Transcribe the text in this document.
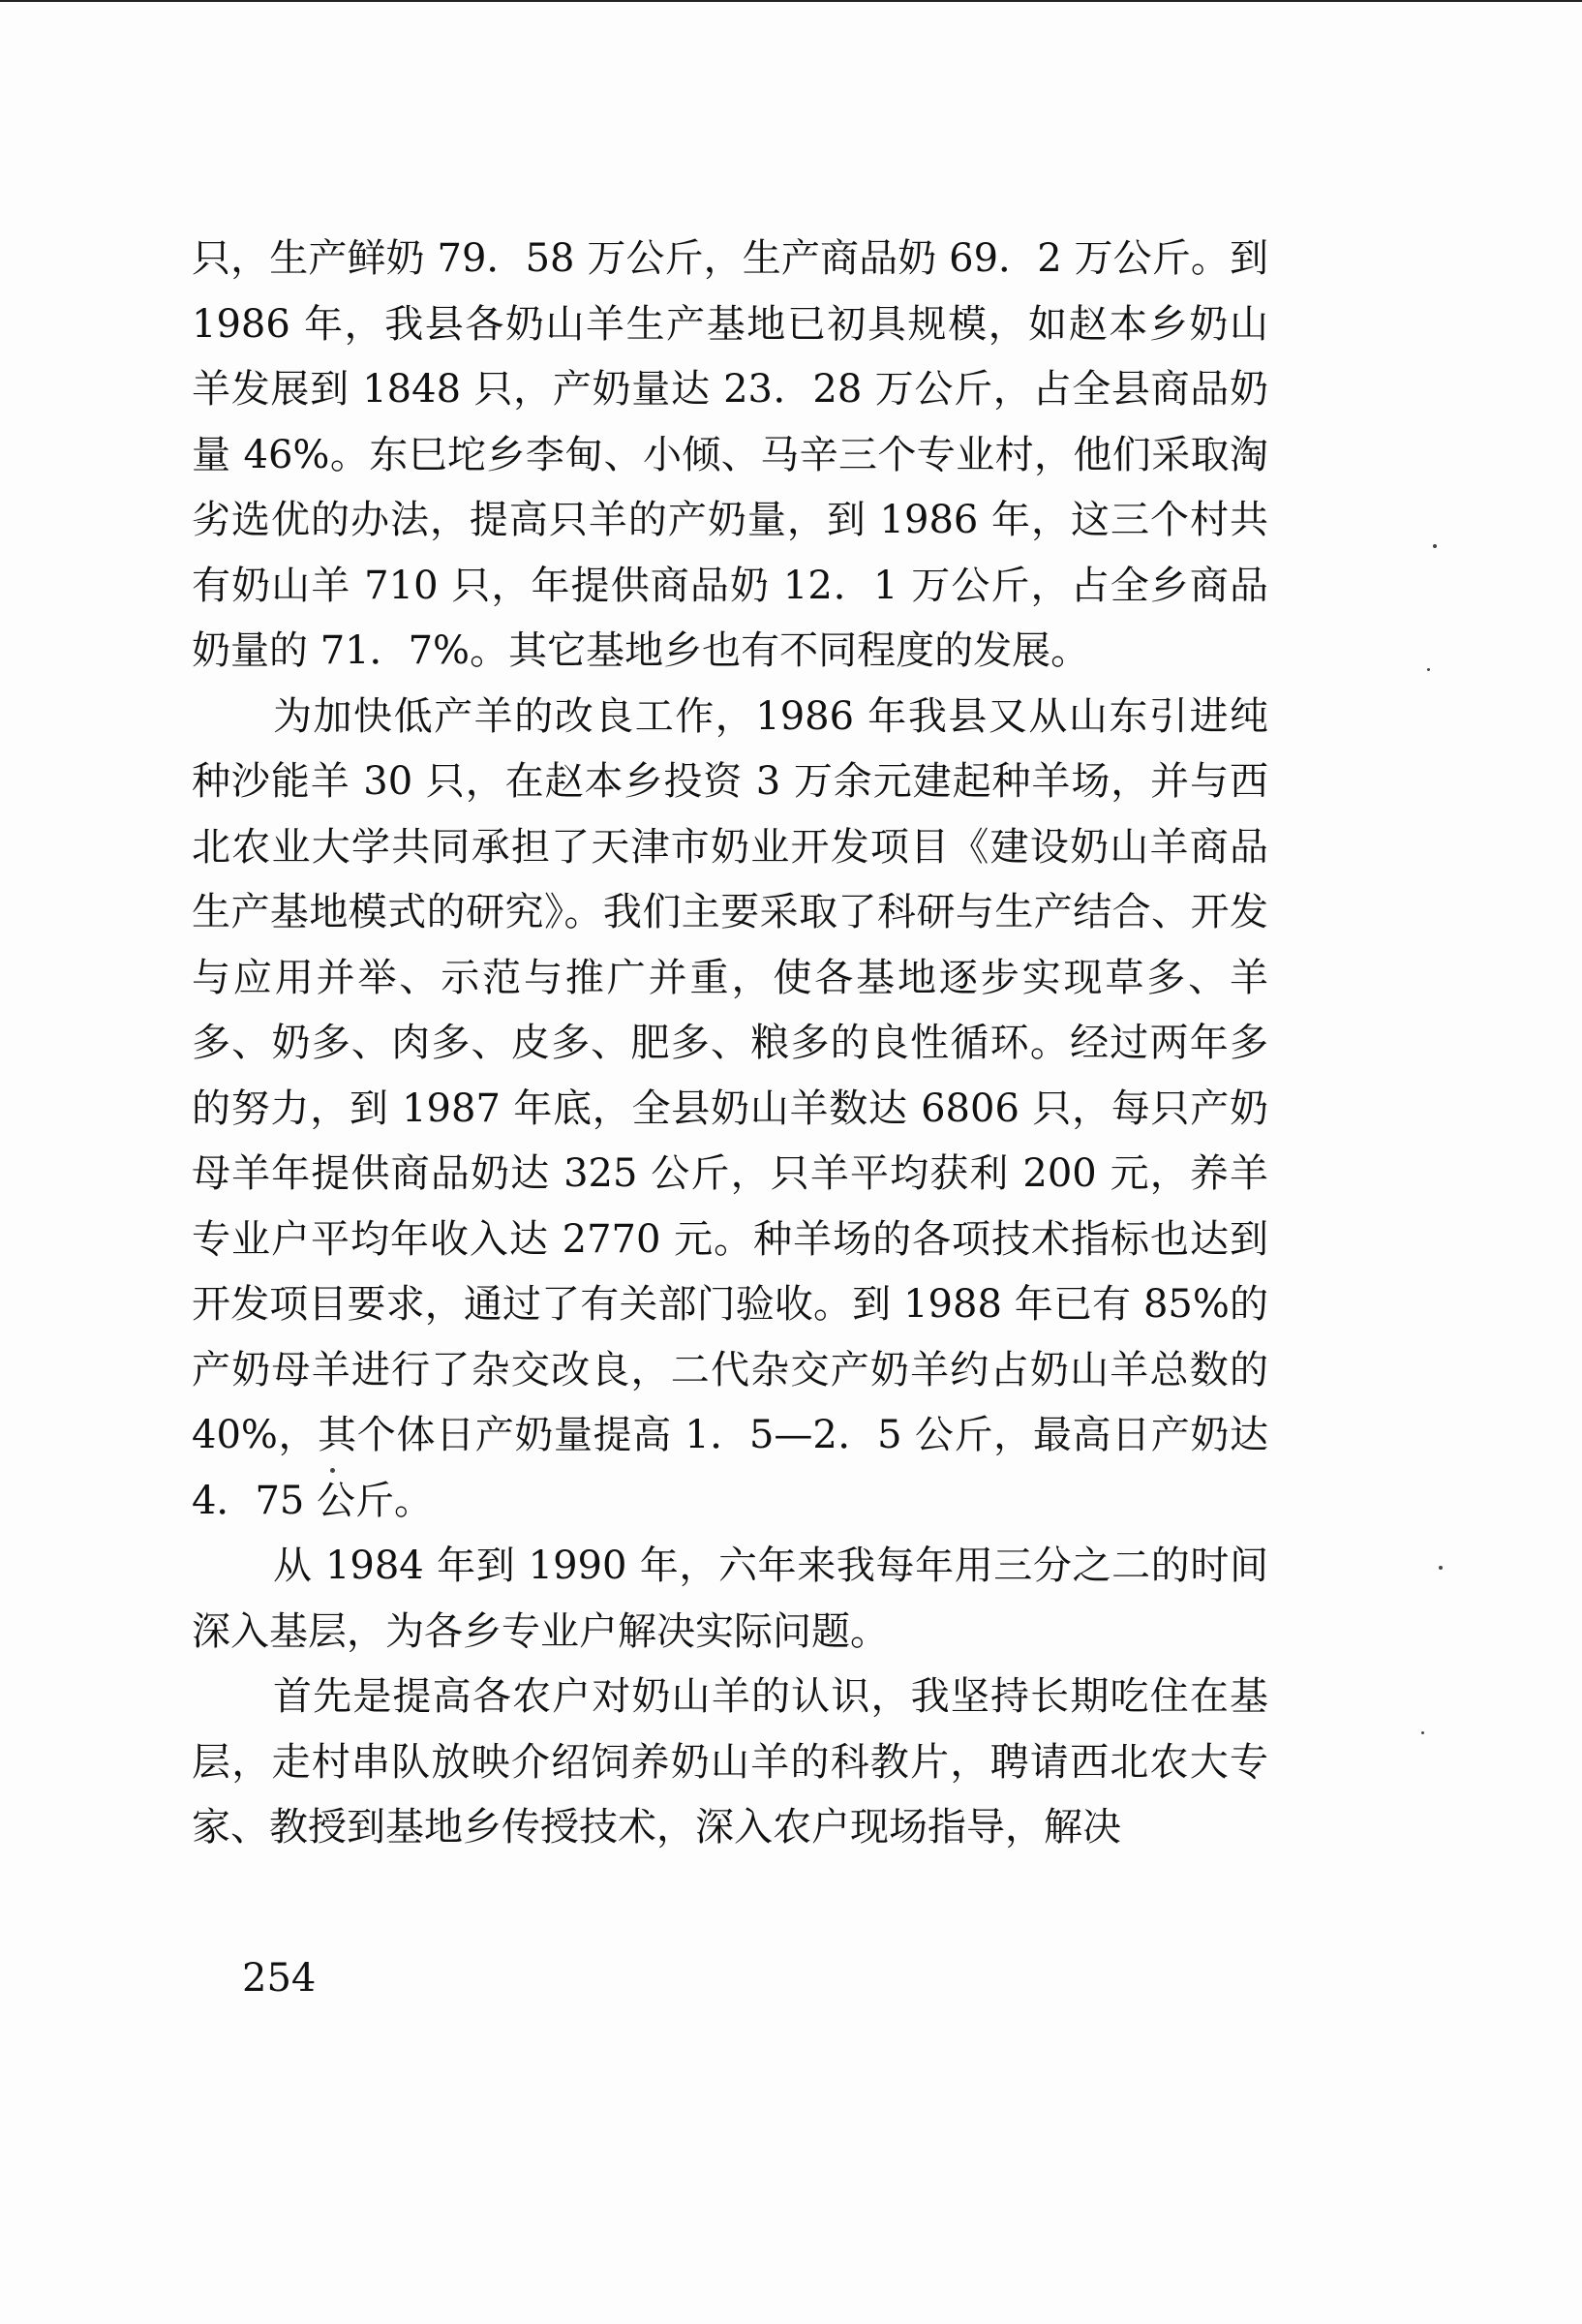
只，生产鲜奶 79．58 万公斤，生产商品奶 69．2 万公斤。到 1986 年，我县各奶山羊生产基地已初具规模，如赵本乡奶山羊发展到 1848 只，产奶量达 23．28 万公斤，占全县商品奶量 46%。东巳坨乡李甸、小倾、马辛三个专业村，他们采取淘劣选优的办法，提高只羊的产奶量，到 1986 年，这三个村共有奶山羊 710 只，年提供商品奶 12．1 万公斤，占全乡商品奶量的 71．7%。其它基地乡也有不同程度的发展。

为加快低产羊的改良工作，1986 年我县又从山东引进纯种沙能羊 30 只，在赵本乡投资 3 万余元建起种羊场，并与西北农业大学共同承担了天津市奶业开发项目《建设奶山羊商品生产基地模式的研究》。我们主要采取了科研与生产结合、开发与应用并举、示范与推广并重，使各基地逐步实现草多、羊多、奶多、肉多、皮多、肥多、粮多的良性循环。经过两年多的努力，到 1987 年底，全县奶山羊数达 6806 只，每只产奶母羊年提供商品奶达 325 公斤，只羊平均获利 200 元，养羊专业户平均年收入达 2770 元。种羊场的各项技术指标也达到开发项目要求，通过了有关部门验收。到 1988 年已有 85%的产奶母羊进行了杂交改良，二代杂交产奶羊约占奶山羊总数的 40%，其个体日产奶量提高 1．5—2．5 公斤，最高日产奶达 4．75 公斤。

从 1984 年到 1990 年，六年来我每年用三分之二的时间深入基层，为各乡专业户解决实际问题。

首先是提高各农户对奶山羊的认识，我坚持长期吃住在基层，走村串队放映介绍饲养奶山羊的科教片，聘请西北农大专家、教授到基地乡传授技术，深入农户现场指导，解决

254
